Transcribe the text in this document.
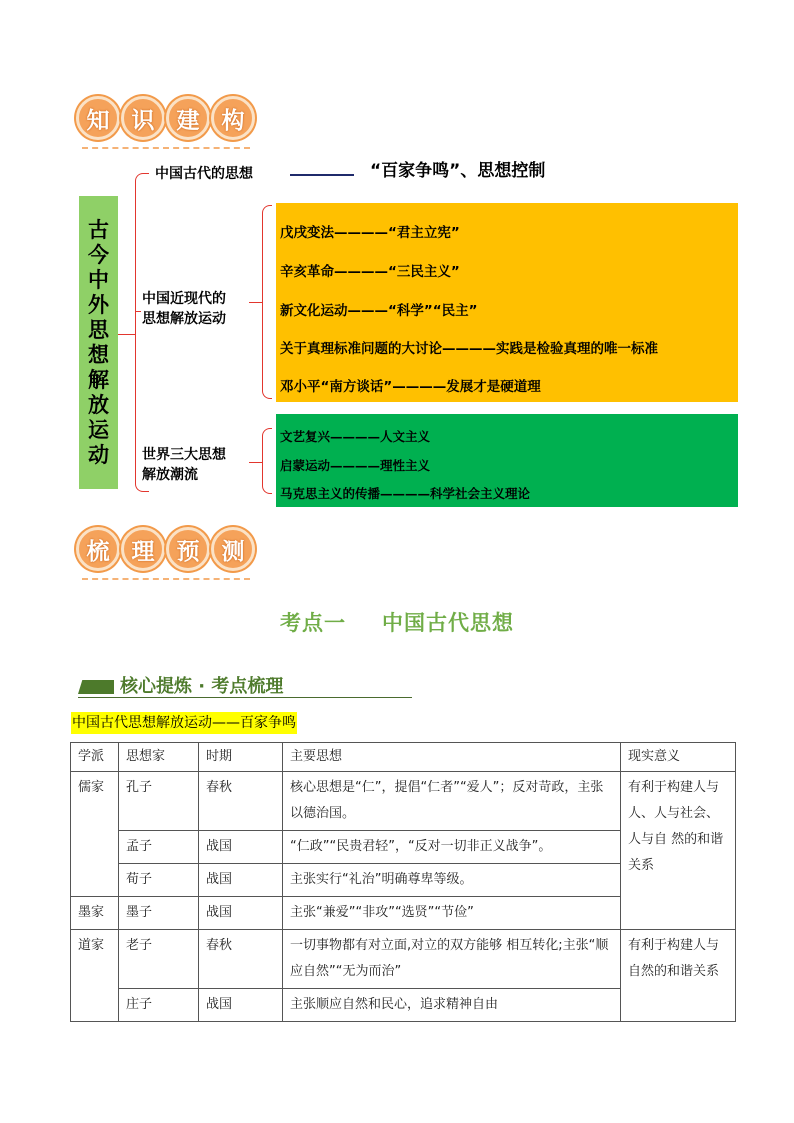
知 识 建 构
古
今
中
外
思
想
解
放
运
动
中国古代的思想	“百家争鸣”、思想控制
中国近现代的
思想解放运动
戊戌变法————“君主立宪”
辛亥革命————“三民主义”
新文化运动———“科学”“民主”
关于真理标准问题的大讨论————实践是检验真理的唯一标准
邓小平“南方谈话”————发展才是硬道理
世界三大思想
解放潮流
文艺复兴————人文主义
启蒙运动————理性主义
马克思主义的传播————科学社会主义理论
梳 理 预 测
考点一 中国古代思想
核心提炼 · 考点梳理
中国古代思想解放运动——百家争鸣
学派	思想家	时期	主要思想	现实意义
儒家	孔子	春秋	核心思想是“仁”，提倡“仁者”“爱人”；反对苛政，主张以德治国。	有利于构建人与人、人与社会、人与自 然的和谐关系
	孟子	战国	“仁政”“民贵君轻”，“反对一切非正义战争”。	
	荀子	战国	主张实行“礼治”明确尊卑等级。	
墨家	墨子	战国	主张“兼爱”“非攻”“选贤”“节俭”	
道家	老子	春秋	一切事物都有对立面,对立的双方能够 相互转化;主张“顺应自然”“无为而治”	有利于构建人与自然的和谐关系
	庄子	战国	主张顺应自然和民心，追求精神自由	
